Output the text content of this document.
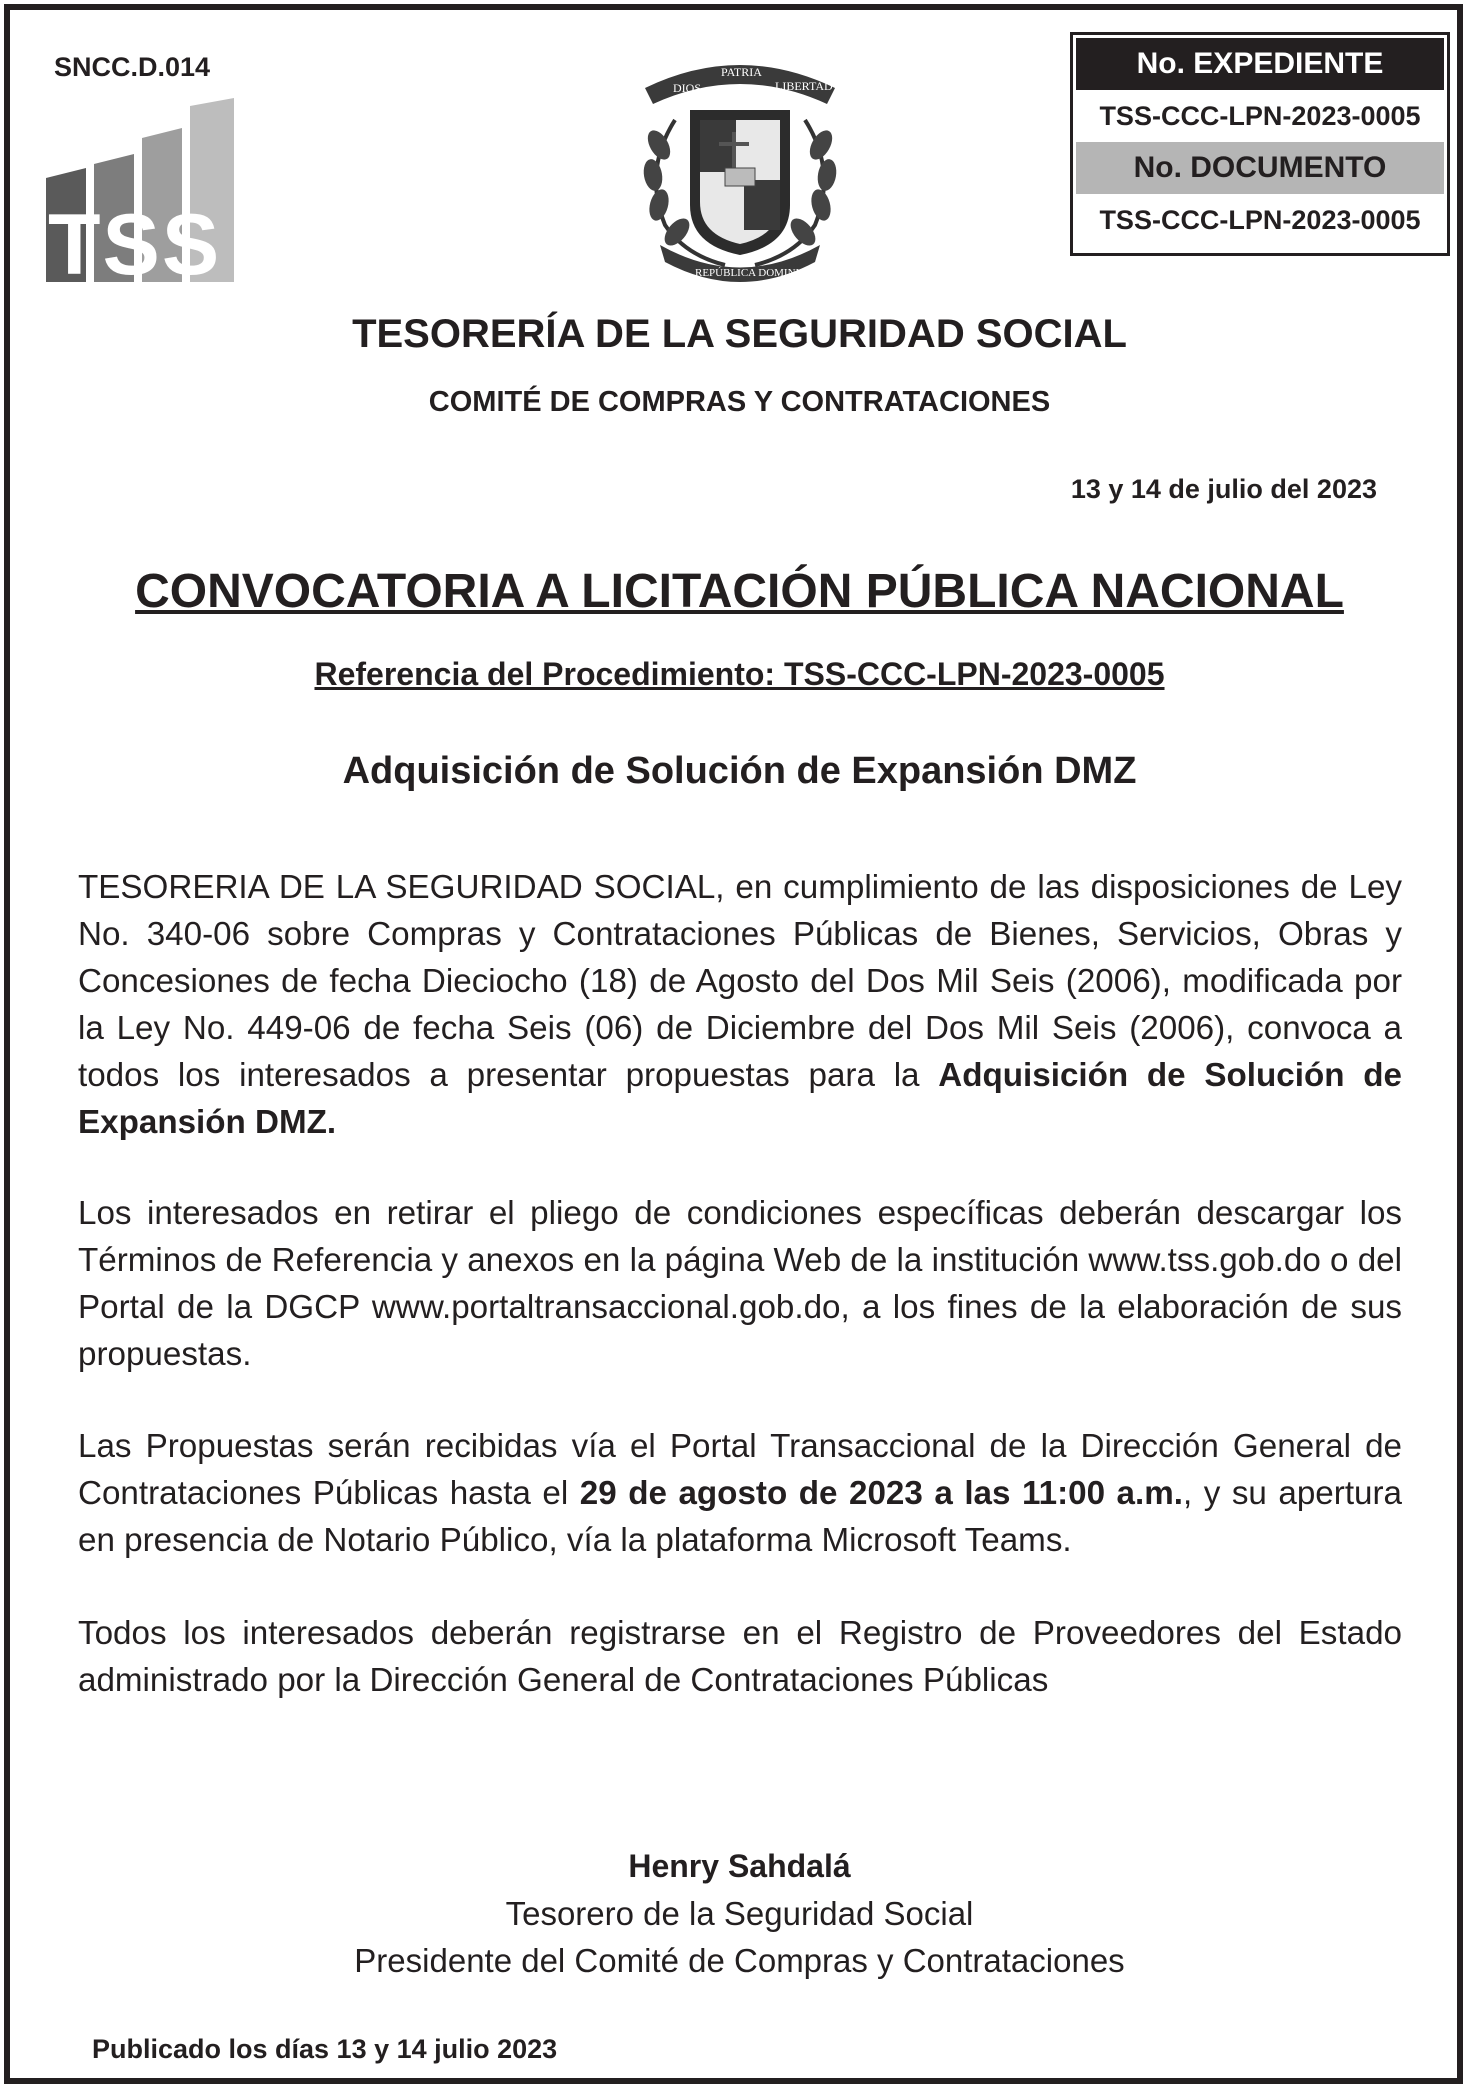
SNCC.D.014
TSS
DIOS
PATRIA
LIBERTAD
REPÚBLICA DOMINICANA
No. EXPEDIENTE
TSS-CCC-LPN-2023-0005
No. DOCUMENTO
TSS-CCC-LPN-2023-0005
TESORERÍA DE LA SEGURIDAD SOCIAL
COMITÉ DE COMPRAS Y CONTRATACIONES
13 y 14 de julio del 2023
CONVOCATORIA A LICITACIÓN PÚBLICA NACIONAL
Referencia del Procedimiento: TSS-CCC-LPN-2023-0005
Adquisición de Solución de Expansión DMZ
TESORERIA DE LA SEGURIDAD SOCIAL, en cumplimiento de las disposiciones de Ley No. 340-06 sobre Compras y Contrataciones Públicas de Bienes, Servicios, Obras y Concesiones de fecha Dieciocho (18) de Agosto del Dos Mil Seis (2006), modificada por la Ley No. 449-06 de fecha Seis (06) de Diciembre del Dos Mil Seis (2006), convoca a todos los interesados a presentar propuestas para la Adquisición de Solución de Expansión DMZ.
Los interesados en retirar el pliego de condiciones específicas deberán descargar los Términos de Referencia y anexos en la página Web de la institución www.tss.gob.do o del Portal de la DGCP www.portaltransaccional.gob.do, a los fines de la elaboración de sus propuestas.
Las Propuestas serán recibidas vía el Portal Transaccional de la Dirección General de Contrataciones Públicas hasta el 29 de agosto de 2023 a las 11:00 a.m., y su apertura en presencia de Notario Público, vía la plataforma Microsoft Teams.
Todos los interesados deberán registrarse en el Registro de Proveedores del Estado administrado por la Dirección General de Contrataciones Públicas
Henry Sahdalá
Tesorero de la Seguridad Social
Presidente del Comité de Compras y Contrataciones
Publicado los días 13 y 14 julio 2023
